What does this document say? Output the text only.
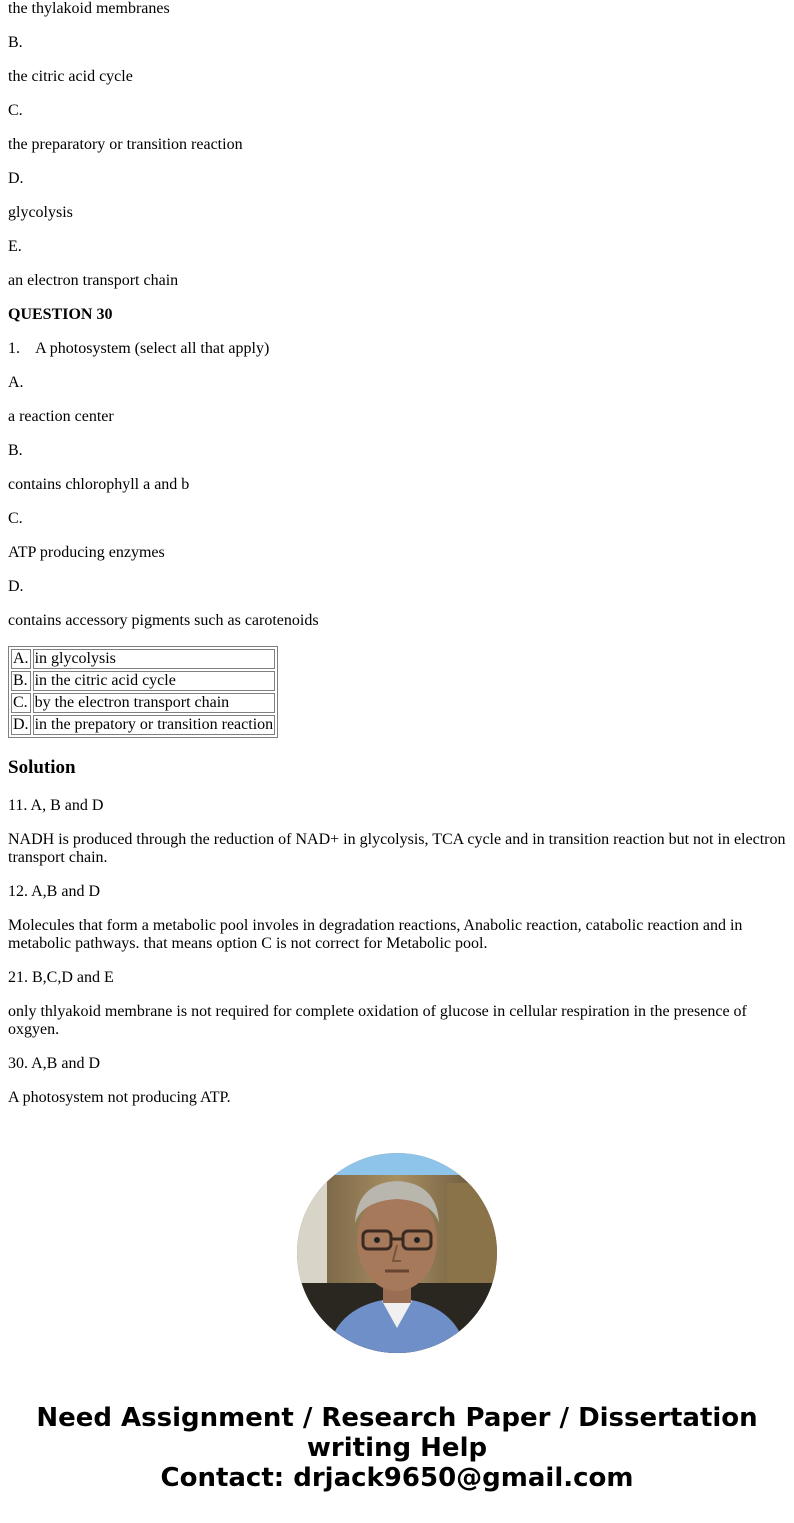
the thylakoid membranes

B.

the citric acid cycle

C.

the preparatory or transition reaction

D.

glycolysis

E.

an electron transport chain

QUESTION 30

1.    A photosystem (select all that apply)

A.

a reaction center

B.

contains chlorophyll a and b

C.

ATP producing enzymes

D.

contains accessory pigments such as carotenoids

A.	in glycolysis
B.	in the citric acid cycle
C.	by the electron transport chain
D.	in the prepatory or transition reaction
Solution

11. A, B and D

NADH is produced through the reduction of NAD+ in glycolysis, TCA cycle and in transition reaction but not in electron transport chain.

12. A,B and D

Molecules that form a metabolic pool involes in degradation reactions, Anabolic reaction, catabolic reaction and in metabolic pathways. that means option C is not correct for Metabolic pool.

21. B,C,D and E

only thlyakoid membrane is not required for complete oxidation of glucose in cellular respiration in the presence of oxgyen.

30. A,B and D

A photosystem not producing ATP.

Need Assignment / Research Paper / Dissertation
writing Help
Contact: drjack9650@gmail.com
